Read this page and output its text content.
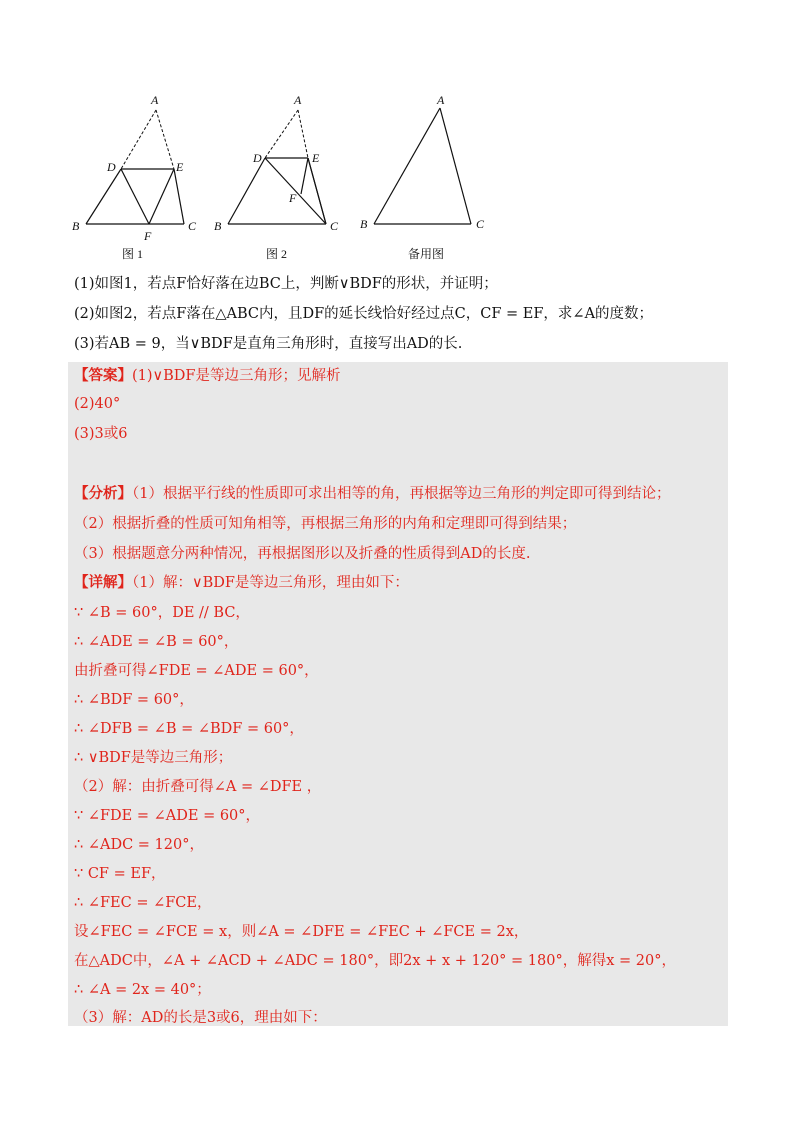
A
D	E
B	C
F
图 1
A
D	E
F
B	C
图 2
A
B	C
备用图
(1)如图1，若点F恰好落在边BC上，判断∨BDF的形状，并证明；
(2)如图2，若点F落在△ABC内，且DF的延长线恰好经过点C，CF = EF，求∠A的度数；
(3)若AB = 9，当∨BDF是直角三角形时，直接写出AD的长.
【答案】(1)∨BDF是等边三角形；见解析
(2)40°
(3)3或6
【分析】（1）根据平行线的性质即可求出相等的角，再根据等边三角形的判定即可得到结论；
（2）根据折叠的性质可知角相等，再根据三角形的内角和定理即可得到结果；
（3）根据题意分两种情况，再根据图形以及折叠的性质得到AD的长度.
【详解】（1）解：∨BDF是等边三角形，理由如下：
∵ ∠B = 60°，DE // BC，
∴ ∠ADE = ∠B = 60°，
由折叠可得∠FDE = ∠ADE = 60°，
∴ ∠BDF = 60°，
∴ ∠DFB = ∠B = ∠BDF = 60°，
∴ ∨BDF是等边三角形；
（2）解：由折叠可得∠A = ∠DFE ，
∵ ∠FDE = ∠ADE = 60°，
∴ ∠ADC = 120°，
∵ CF = EF，
∴ ∠FEC = ∠FCE，
设∠FEC = ∠FCE = x，则∠A = ∠DFE = ∠FEC + ∠FCE = 2x，
在△ADC中，∠A + ∠ACD + ∠ADC = 180°，即2x + x + 120° = 180°，解得x = 20°，
∴ ∠A = 2x = 40°；
（3）解：AD的长是3或6，理由如下：
